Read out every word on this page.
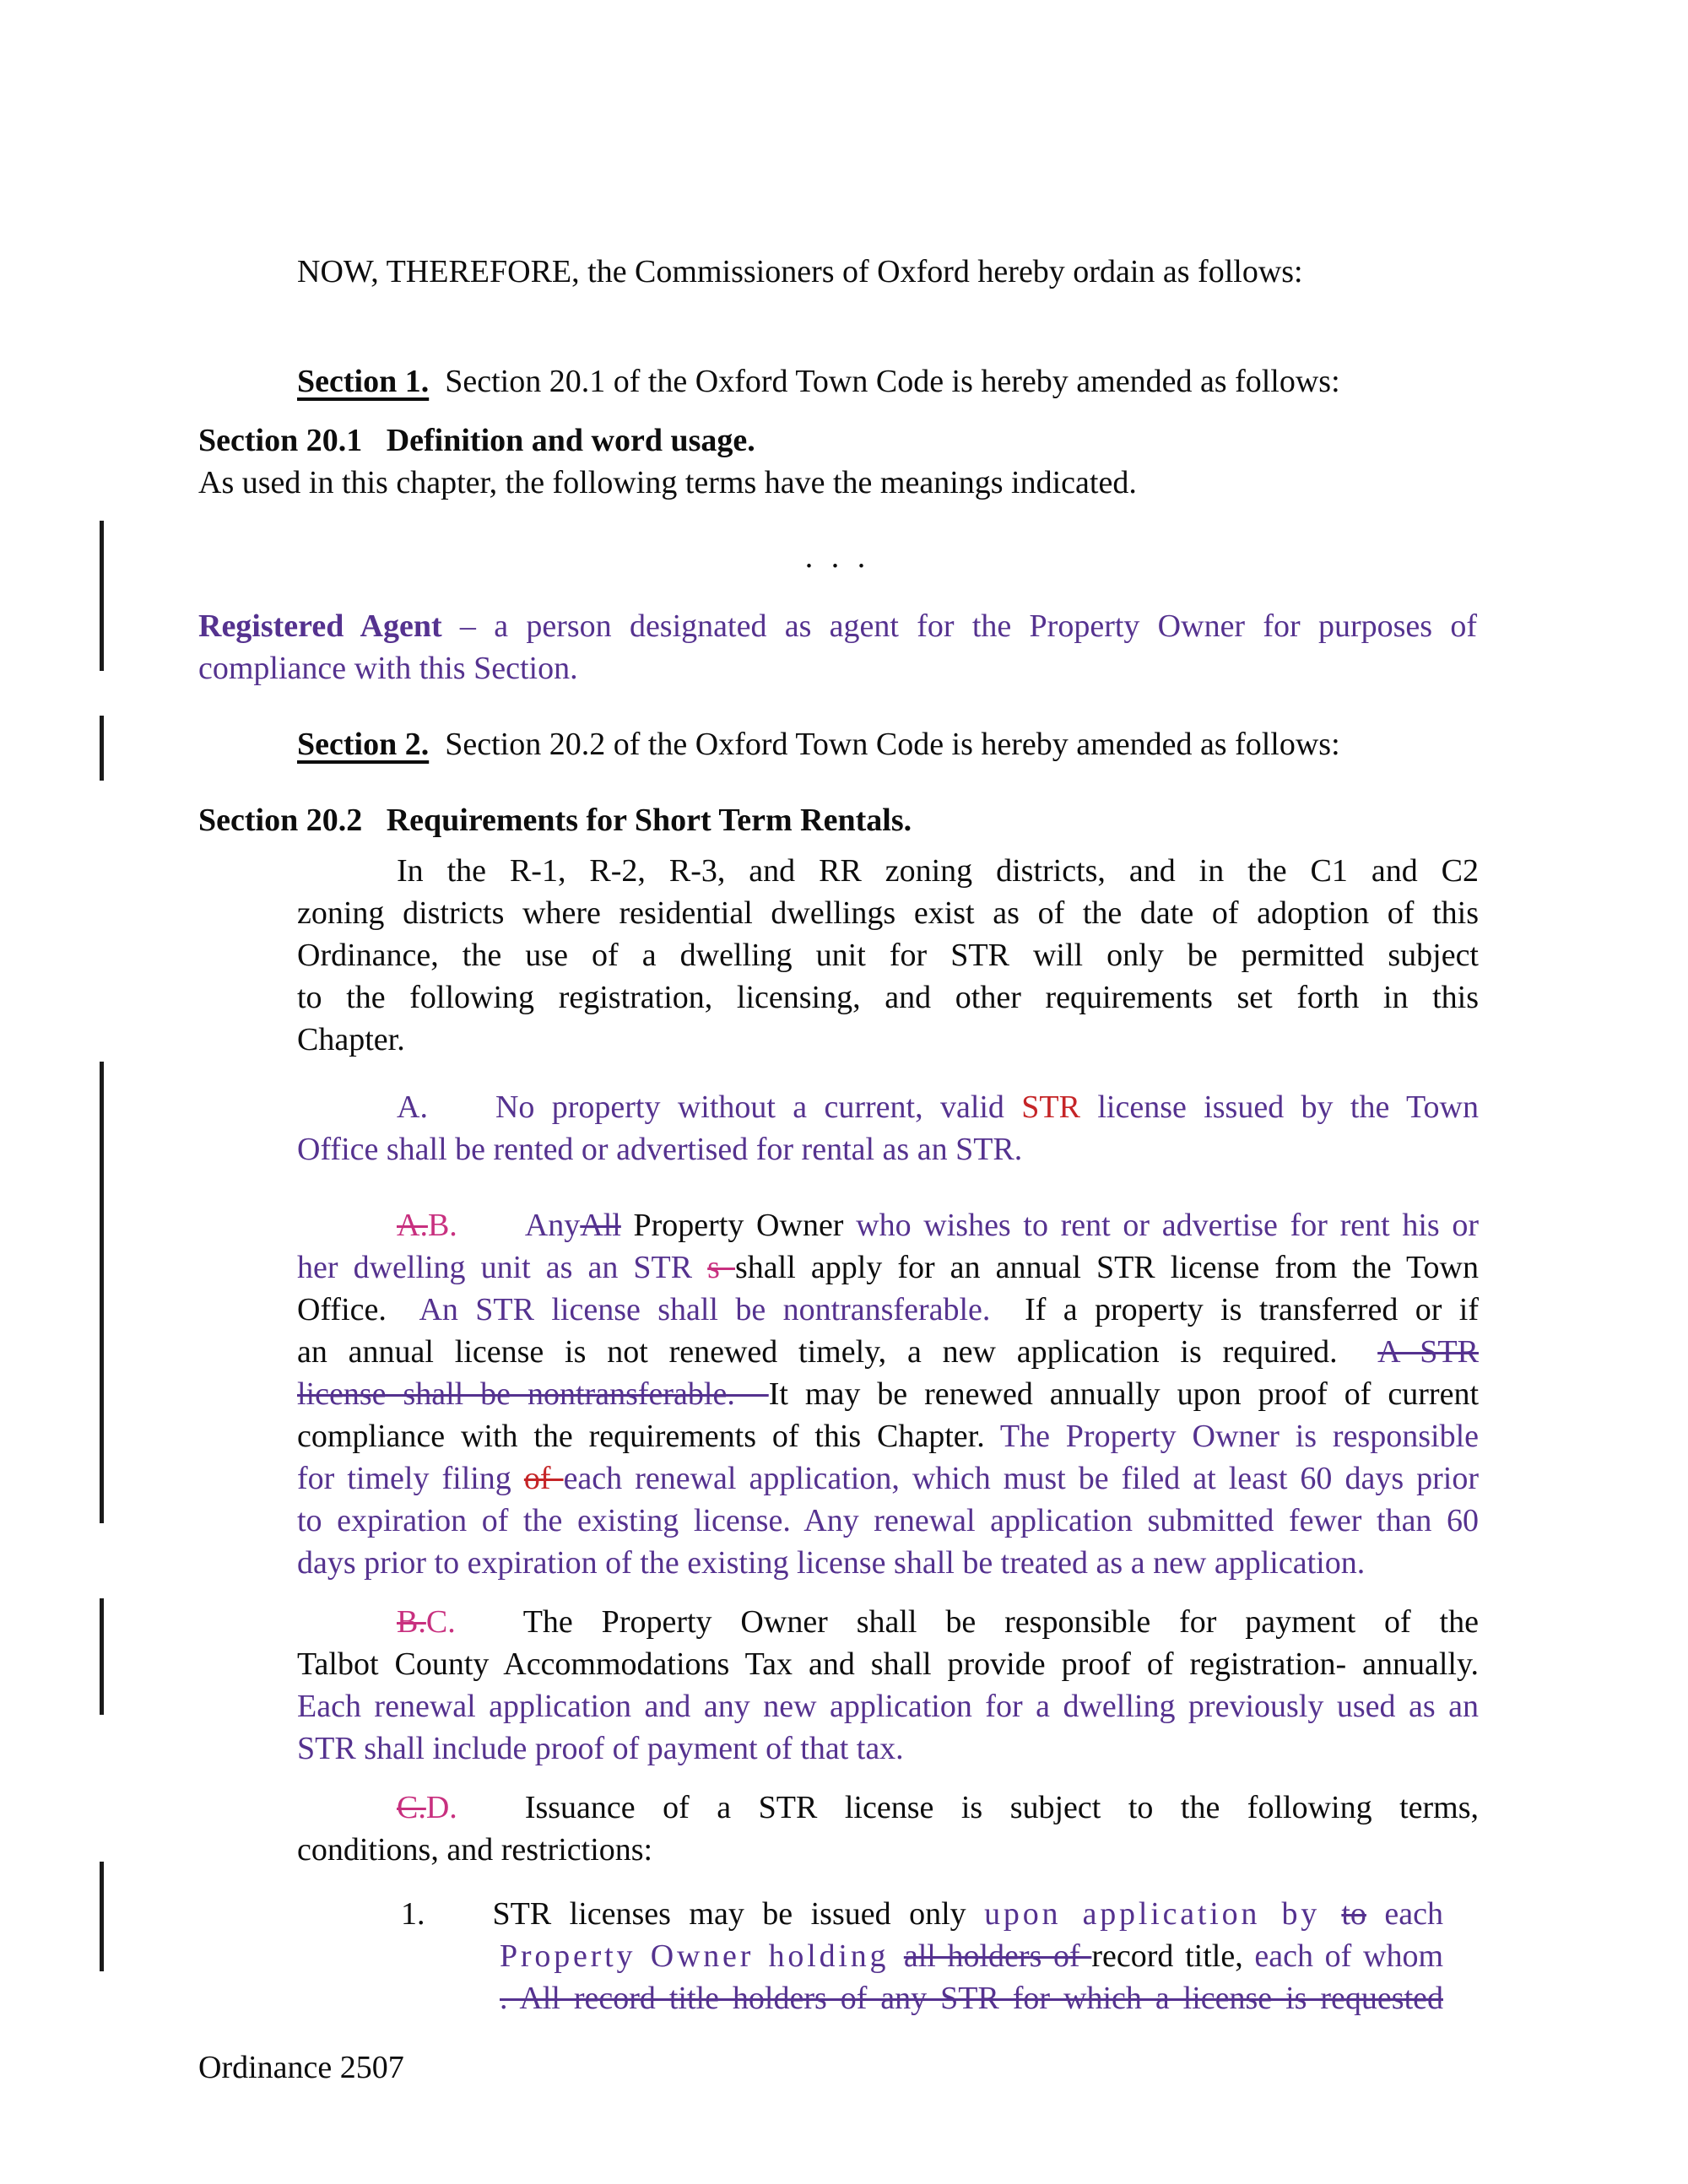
Ordinance 2507
NOW, THEREFORE, the Commissioners of Oxford hereby ordain as follows:
Section 1.  Section 20.1 of the Oxford Town Code is hereby amended as follows:
Section 20.1   Definition and word usage.
As used in this chapter, the following terms have the meanings indicated.
. . .
Registered Agent – a person designated as agent for the Property Owner for purposes of
compliance with this Section.
Section 2.  Section 20.2 of the Oxford Town Code is hereby amended as follows:
Section 20.2   Requirements for Short Term Rentals.
In the R-1, R-2, R-3, and RR zoning districts, and in the C1 and C2
zoning districts where residential dwellings exist as of the date of adoption of this
Ordinance, the use of a dwelling unit for STR will only be permitted subject
to the following registration, licensing, and other requirements set forth in this
Chapter.
A. No property without a current, valid STR license issued by the Town
Office shall be rented or advertised for rental as an STR.
A.B. AnyAll Property Owner who wishes to rent or advertise for rent his or
her dwelling unit as an STR s shall apply for an annual STR license from the Town
Office.  An STR license shall be nontransferable.  If a property is transferred or if
an annual license is not renewed timely, a new application is required.  A STR
license shall be nontransferable.  It may be renewed annually upon proof of current
compliance with the requirements of this Chapter. The Property Owner is responsible
for timely filing of each renewal application, which must be filed at least 60 days prior
to expiration of the existing license. Any renewal application submitted fewer than 60
days prior to expiration of the existing license shall be treated as a new application.
B.C. The Property Owner shall be responsible for payment of the
Talbot County Accommodations Tax and shall provide proof of registration- annually.
Each renewal application and any new application for a dwelling previously used as an
STR shall include proof of payment of that tax.
C.D. Issuance of a STR license is subject to the following terms,
conditions, and restrictions:
1. STR licenses may be issued only upon application by to each
Property Owner holding all holders of record title, each of whom
. All record title holders of any STR for which a license is requested
